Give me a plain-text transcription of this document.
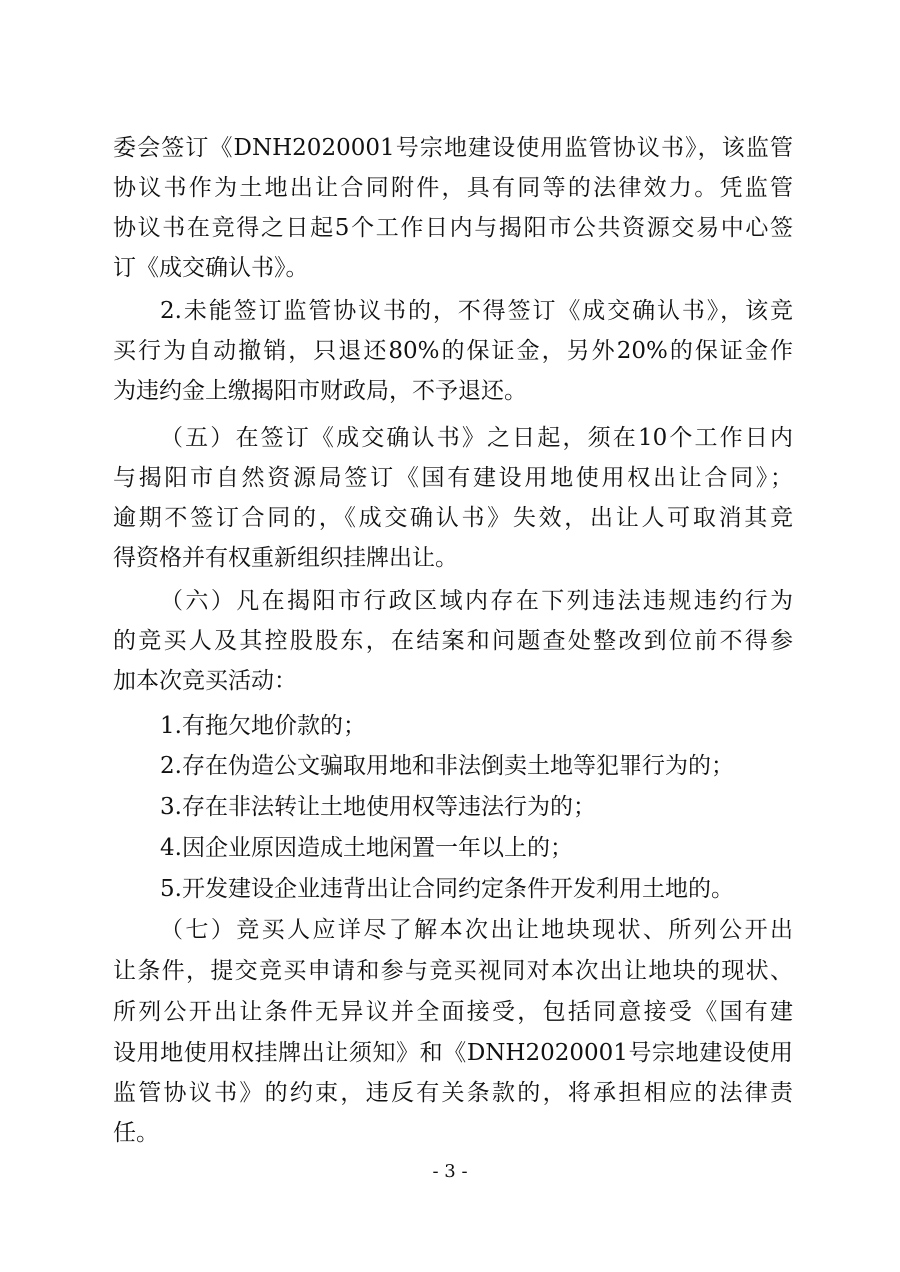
委会签订《DNH2020001号宗地建设使用监管协议书》，该监管
协议书作为土地出让合同附件，具有同等的法律效力。凭监管
协议书在竞得之日起5个工作日内与揭阳市公共资源交易中心签
订《成交确认书》。
2.未能签订监管协议书的，不得签订《成交确认书》，该竞
买行为自动撤销，只退还80%的保证金，另外20%的保证金作
为违约金上缴揭阳市财政局，不予退还。
（五）在签订《成交确认书》之日起，须在10个工作日内
与揭阳市自然资源局签订《国有建设用地使用权出让合同》；
逾期不签订合同的，《成交确认书》失效，出让人可取消其竞
得资格并有权重新组织挂牌出让。
（六）凡在揭阳市行政区域内存在下列违法违规违约行为
的竞买人及其控股股东，在结案和问题查处整改到位前不得参
加本次竞买活动：
1.有拖欠地价款的；
2.存在伪造公文骗取用地和非法倒卖土地等犯罪行为的；
3.存在非法转让土地使用权等违法行为的；
4.因企业原因造成土地闲置一年以上的；
5.开发建设企业违背出让合同约定条件开发利用土地的。
（七）竞买人应详尽了解本次出让地块现状、所列公开出
让条件，提交竞买申请和参与竞买视同对本次出让地块的现状、
所列公开出让条件无异议并全面接受，包括同意接受《国有建
设用地使用权挂牌出让须知》和《DNH2020001号宗地建设使用
监管协议书》的约束，违反有关条款的，将承担相应的法律责
任。
- 3 -
